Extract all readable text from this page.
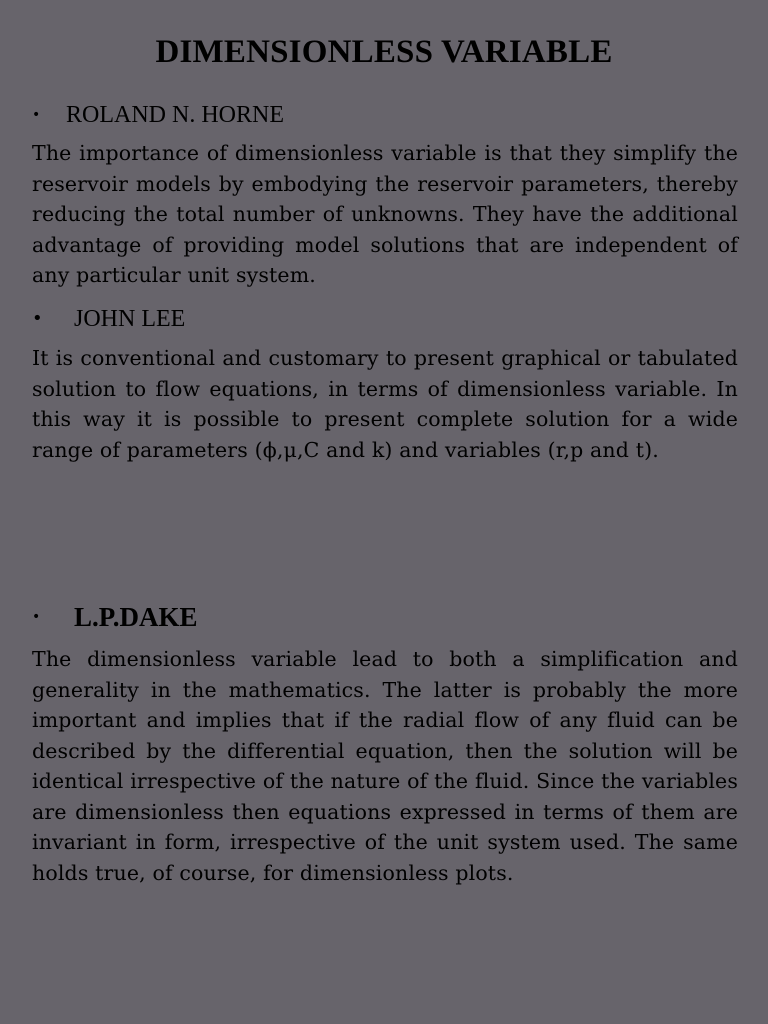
DIMENSIONLESS VARIABLE
• ROLAND N. HORNE

The importance of dimensionless variable is that they simplify the reservoir models by embodying the reservoir parameters, thereby reducing the total number of unknowns. They have the additional advantage of providing model solutions that are independent of any particular unit system.

• JOHN LEE

It is conventional and customary to present graphical or tabulated solution to flow equations, in terms of dimensionless variable. In this way it is possible to present complete solution for a wide range of parameters (ϕ,μ,C and k) and variables (r,p and t).

• L.P.DAKE

The dimensionless variable lead to both a simplification and generality in the mathematics. The latter is probably the more important and implies that if the radial flow of any fluid can be described by the differential equation, then the solution will be identical irrespective of the nature of the fluid. Since the variables are dimensionless then equations expressed in terms of them are invariant in form, irrespective of the unit system used. The same holds true, of course, for dimensionless plots.
